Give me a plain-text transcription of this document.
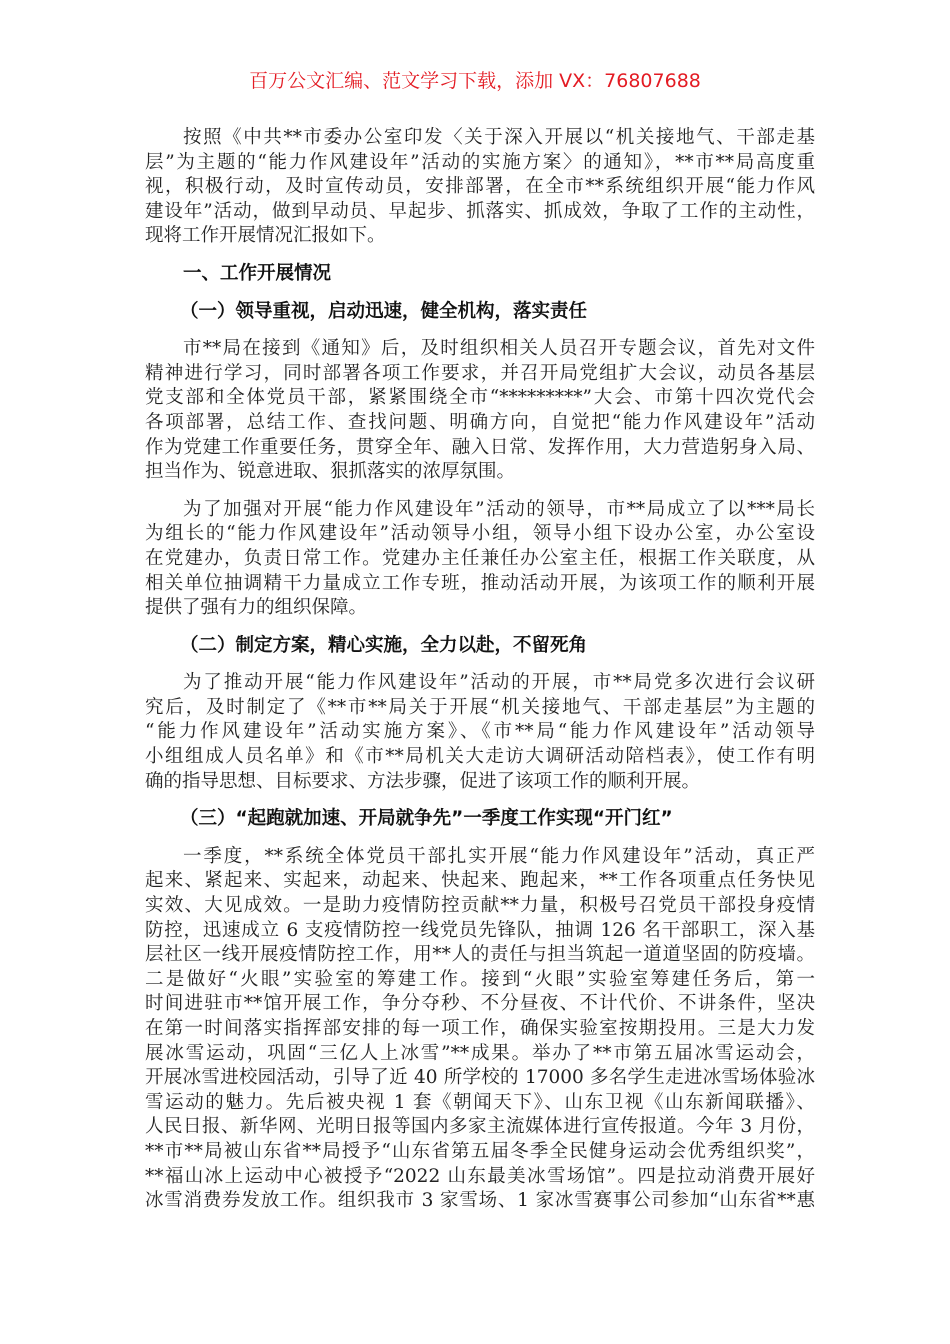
百万公文汇编、范文学习下载，添加 VX：76807688
按照《中共**市委办公室印发〈关于深入开展以“机关接地气、干部走基
层”为主题的“能力作风建设年”活动的实施方案〉的通知》，**市**局高度重
视，积极行动，及时宣传动员，安排部署，在全市**系统组织开展“能力作风
建设年”活动，做到早动员、早起步、抓落实、抓成效，争取了工作的主动性，
现将工作开展情况汇报如下。
一、工作开展情况
（一）领导重视，启动迅速，健全机构，落实责任
市**局在接到《通知》后，及时组织相关人员召开专题会议，首先对文件
精神进行学习，同时部署各项工作要求，并召开局党组扩大会议，动员各基层
党支部和全体党员干部，紧紧围绕全市“*********”大会、市第十四次党代会
各项部署，总结工作、查找问题、明确方向，自觉把“能力作风建设年”活动
作为党建工作重要任务，贯穿全年、融入日常、发挥作用，大力营造躬身入局、
担当作为、锐意进取、狠抓落实的浓厚氛围。
为了加强对开展“能力作风建设年”活动的领导，市**局成立了以***局长
为组长的“能力作风建设年”活动领导小组，领导小组下设办公室，办公室设
在党建办，负责日常工作。党建办主任兼任办公室主任，根据工作关联度，从
相关单位抽调精干力量成立工作专班，推动活动开展，为该项工作的顺利开展
提供了强有力的组织保障。
（二）制定方案，精心实施，全力以赴，不留死角
为了推动开展“能力作风建设年”活动的开展，市**局党多次进行会议研
究后，及时制定了《**市**局关于开展“机关接地气、干部走基层”为主题的
“能力作风建设年”活动实施方案》、《市**局“能力作风建设年”活动领导
小组组成人员名单》和《市**局机关大走访大调研活动陪档表》，使工作有明
确的指导思想、目标要求、方法步骤，促进了该项工作的顺利开展。
（三）“起跑就加速、开局就争先”一季度工作实现“开门红”
一季度，**系统全体党员干部扎实开展“能力作风建设年”活动，真正严
起来、紧起来、实起来，动起来、快起来、跑起来，**工作各项重点任务快见
实效、大见成效。一是助力疫情防控贡献**力量，积极号召党员干部投身疫情
防控，迅速成立 6 支疫情防控一线党员先锋队，抽调 126 名干部职工，深入基
层社区一线开展疫情防控工作，用**人的责任与担当筑起一道道坚固的防疫墙。
二是做好“火眼”实验室的筹建工作。接到“火眼”实验室筹建任务后，第一
时间进驻市**馆开展工作，争分夺秒、不分昼夜、不计代价、不讲条件，坚决
在第一时间落实指挥部安排的每一项工作，确保实验室按期投用。三是大力发
展冰雪运动，巩固“三亿人上冰雪”**成果。举办了**市第五届冰雪运动会，
开展冰雪进校园活动，引导了近 40 所学校的 17000 多名学生走进冰雪场体验冰
雪运动的魅力。先后被央视 1 套《朝闻天下》、山东卫视《山东新闻联播》、
人民日报、新华网、光明日报等国内多家主流媒体进行宣传报道。今年 3 月份，
**市**局被山东省**局授予“山东省第五届冬季全民健身运动会优秀组织奖”，
**福山冰上运动中心被授予“2022 山东最美冰雪场馆”。四是拉动消费开展好
冰雪消费券发放工作。组织我市 3 家雪场、1 家冰雪赛事公司参加“山东省**惠
